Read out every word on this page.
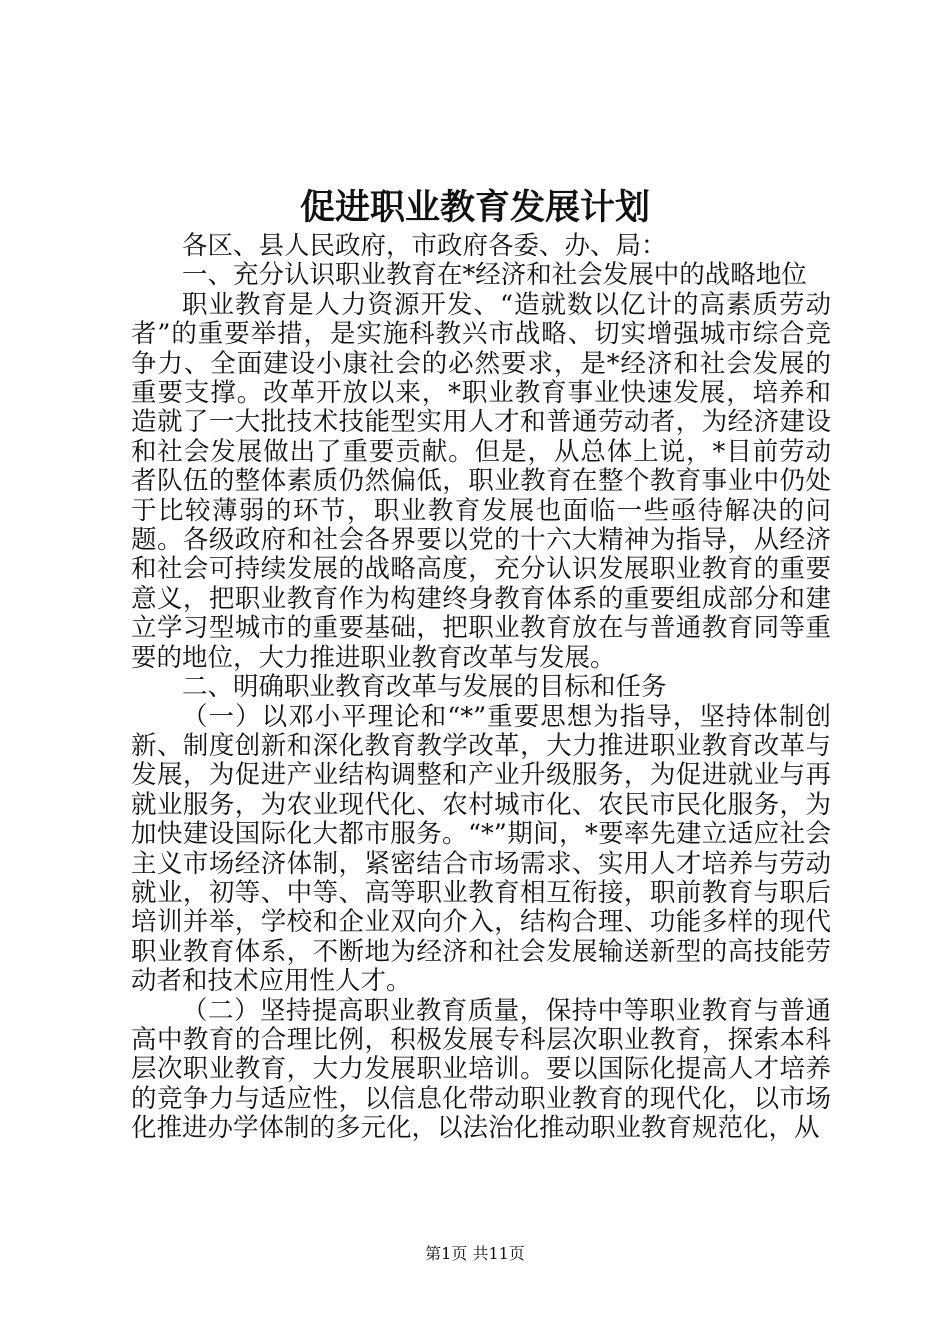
促进职业教育发展计划

各区、县人民政府，市政府各委、办、局：

一、充分认识职业教育在*经济和社会发展中的战略地位

职业教育是人力资源开发、“造就数以亿计的高素质劳动者”的重要举措，是实施科教兴市战略、切实增强城市综合竞争力、全面建设小康社会的必然要求，是*经济和社会发展的重要支撑。改革开放以来，*职业教育事业快速发展，培养和造就了一大批技术技能型实用人才和普通劳动者，为经济建设和社会发展做出了重要贡献。但是，从总体上说，*目前劳动者队伍的整体素质仍然偏低，职业教育在整个教育事业中仍处于比较薄弱的环节，职业教育发展也面临一些亟待解决的问题。各级政府和社会各界要以党的十六大精神为指导，从经济和社会可持续发展的战略高度，充分认识发展职业教育的重要意义，把职业教育作为构建终身教育体系的重要组成部分和建立学习型城市的重要基础，把职业教育放在与普通教育同等重要的地位，大力推进职业教育改革与发展。

二、明确职业教育改革与发展的目标和任务

（一）以邓小平理论和“*”重要思想为指导，坚持体制创新、制度创新和深化教育教学改革，大力推进职业教育改革与发展，为促进产业结构调整和产业升级服务，为促进就业与再就业服务，为农业现代化、农村城市化、农民市民化服务，为加快建设国际化大都市服务。“*”期间，*要率先建立适应社会主义市场经济体制，紧密结合市场需求、实用人才培养与劳动就业，初等、中等、高等职业教育相互衔接，职前教育与职后培训并举，学校和企业双向介入，结构合理、功能多样的现代职业教育体系，不断地为经济和社会发展输送新型的高技能劳动者和技术应用性人才。

（二）坚持提高职业教育质量，保持中等职业教育与普通高中教育的合理比例，积极发展专科层次职业教育，探索本科层次职业教育，大力发展职业培训。要以国际化提高人才培养的竞争力与适应性，以信息化带动职业教育的现代化，以市场化推进办学体制的多元化，以法治化推动职业教育规范化，从

第1页 共11页
